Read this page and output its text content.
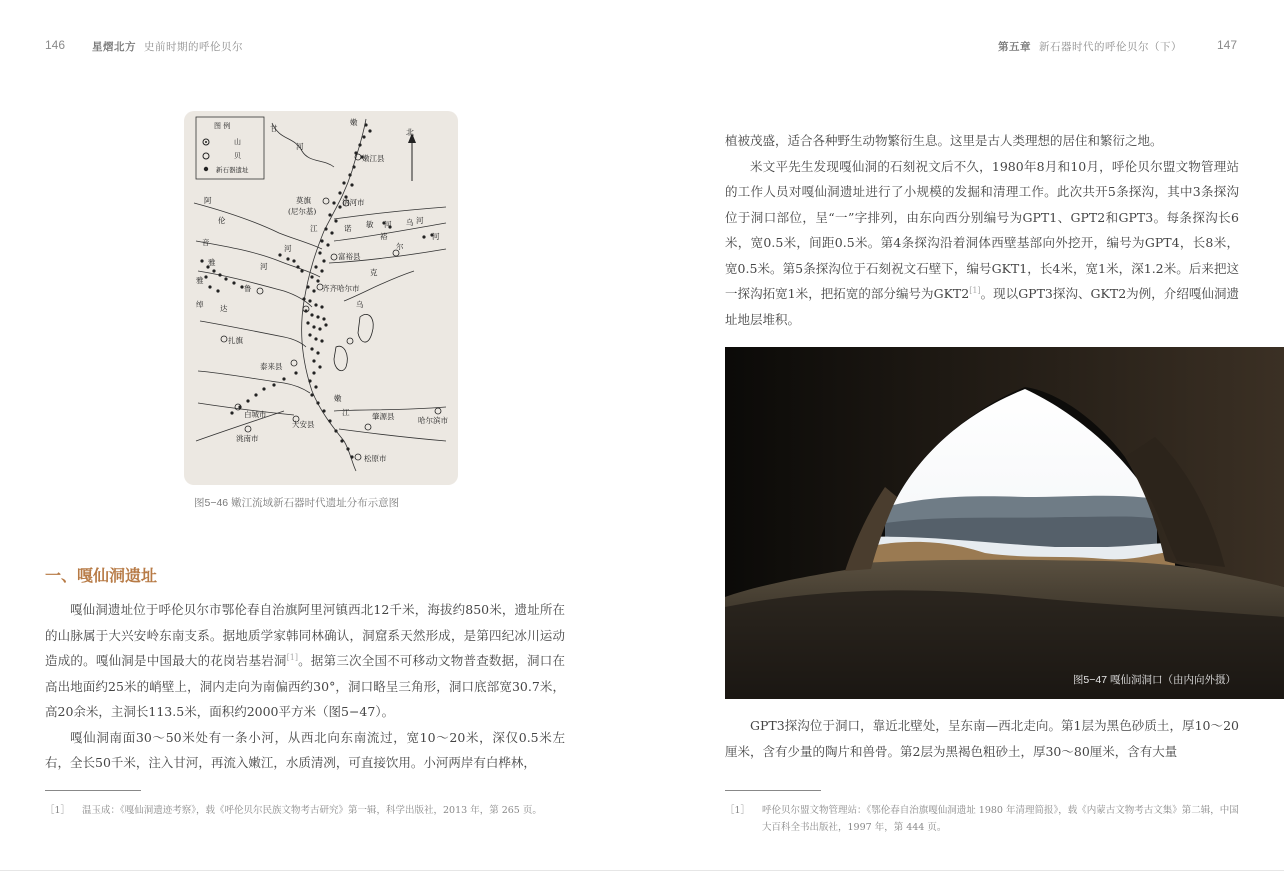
146	星熠北方 史前时期的呼伦贝尔
图 例
山
贝
新石器遗址
北
甘
嫩
嫩江县
河
莫旗
(尼尔基)
讷河市
江	诺 敏 河 乌
裕
尔
河
阿
伦
音
河
富裕县
河
雅
鲁
雅
齐齐哈尔市
乌
绰 达
扎旗
泰来县
白城市
嫩
江	肇源县
大安县	哈尔滨市
洮南市
松原市
克
河
图5−46 嫩江流域新石器时代遗址分布示意图
一、嘎仙洞遗址

嘎仙洞遗址位于呼伦贝尔市鄂伦春自治旗阿里河镇西北12千米，海拔约850米，遗址所在的山脉属于大兴安岭东南支系。据地质学家韩同林确认，洞窟系天然形成，是第四纪冰川运动造成的。嘎仙洞是中国最大的花岗岩基岩洞[1]。据第三次全国不可移动文物普查数据，洞口在高出地面约25米的峭壁上，洞内走向为南偏西约30°，洞口略呈三角形，洞口底部宽30.7米，高20余米，主洞长113.5米，面积约2000平方米（图5−47）。

嘎仙洞南面30～50米处有一条小河，从西北向东南流过，宽10～20米，深仅0.5米左右，全长50千米，注入甘河，再流入嫩江，水质清冽，可直接饮用。小河两岸有白桦林，

［1］ 温玉成：《嘎仙洞遗迹考察》，载《呼伦贝尔民族文物考古研究》第一辑，科学出版社，2013 年，第 265 页。
第五章 新石器时代的呼伦贝尔（下）	147

植被茂盛，适合各种野生动物繁衍生息。这里是古人类理想的居住和繁衍之地。

米文平先生发现嘎仙洞的石刻祝文后不久，1980年8月和10月，呼伦贝尔盟文物管理站的工作人员对嘎仙洞遗址进行了小规模的发掘和清理工作。此次共开5条探沟，其中3条探沟位于洞口部位，呈“一”字排列，由东向西分别编号为GPT1、GPT2和GPT3。每条探沟长6米，宽0.5米，间距0.5米。第4条探沟沿着洞体西壁基部向外挖开，编号为GPT4，长8米，宽0.5米。第5条探沟位于石刻祝文石壁下，编号GKT1，长4米，宽1米，深1.2米。后来把这一探沟拓宽1米，把拓宽的部分编号为GKT2[1]。现以GPT3探沟、GKT2为例，介绍嘎仙洞遗址地层堆积。

图5−47 嘎仙洞洞口（由内向外摄）

GPT3探沟位于洞口，靠近北壁处，呈东南—西北走向。第1层为黑色砂质土，厚10～20厘米，含有少量的陶片和兽骨。第2层为黑褐色粗砂土，厚30～80厘米，含有大量

［1］ 呼伦贝尔盟文物管理站：《鄂伦春自治旗嘎仙洞遗址 1980 年清理简报》，载《内蒙古文物考古文集》第二辑，中国大百科全书出版社，1997 年，第 444 页。
